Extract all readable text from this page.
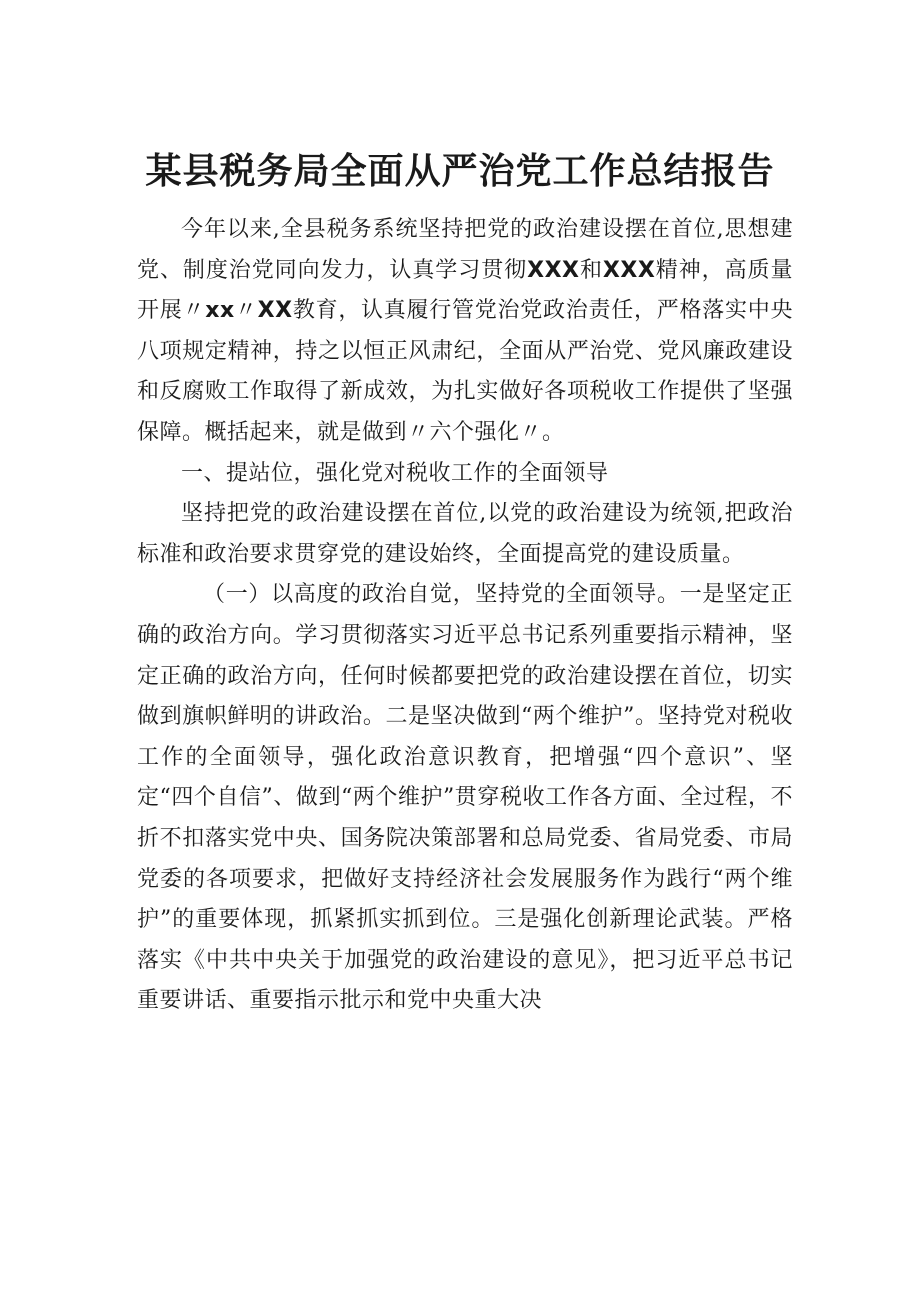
某县税务局全面从严治党工作总结报告

今年以来,全县税务系统坚持把党的政治建设摆在首位,思想建党、制度治党同向发力，认真学习贯彻XXX和XXX精神，高质量开展〃xx〃XX教育，认真履行管党治党政治责任，严格落实中央八项规定精神，持之以恒正风肃纪，全面从严治党、党风廉政建设和反腐败工作取得了新成效，为扎实做好各项税收工作提供了坚强保障。概括起来，就是做到〃六个强化〃。

一、提站位，强化党对税收工作的全面领导

坚持把党的政治建设摆在首位,以党的政治建设为统领,把政治标准和政治要求贯穿党的建设始终，全面提高党的建设质量。

（一）以高度的政治自觉，坚持党的全面领导。一是坚定正确的政治方向。学习贯彻落实习近平总书记系列重要指示精神，坚定正确的政治方向，任何时候都要把党的政治建设摆在首位，切实做到旗帜鲜明的讲政治。二是坚决做到“两个维护”。坚持党对税收工作的全面领导，强化政治意识教育，把增强“四个意识”、坚定“四个自信”、做到“两个维护”贯穿税收工作各方面、全过程，不折不扣落实党中央、国务院决策部署和总局党委、省局党委、市局党委的各项要求，把做好支持经济社会发展服务作为践行“两个维护”的重要体现，抓紧抓实抓到位。三是强化创新理论武装。严格落实《中共中央关于加强党的政治建设的意见》，把习近平总书记重要讲话、重要指示批示和党中央重大决
